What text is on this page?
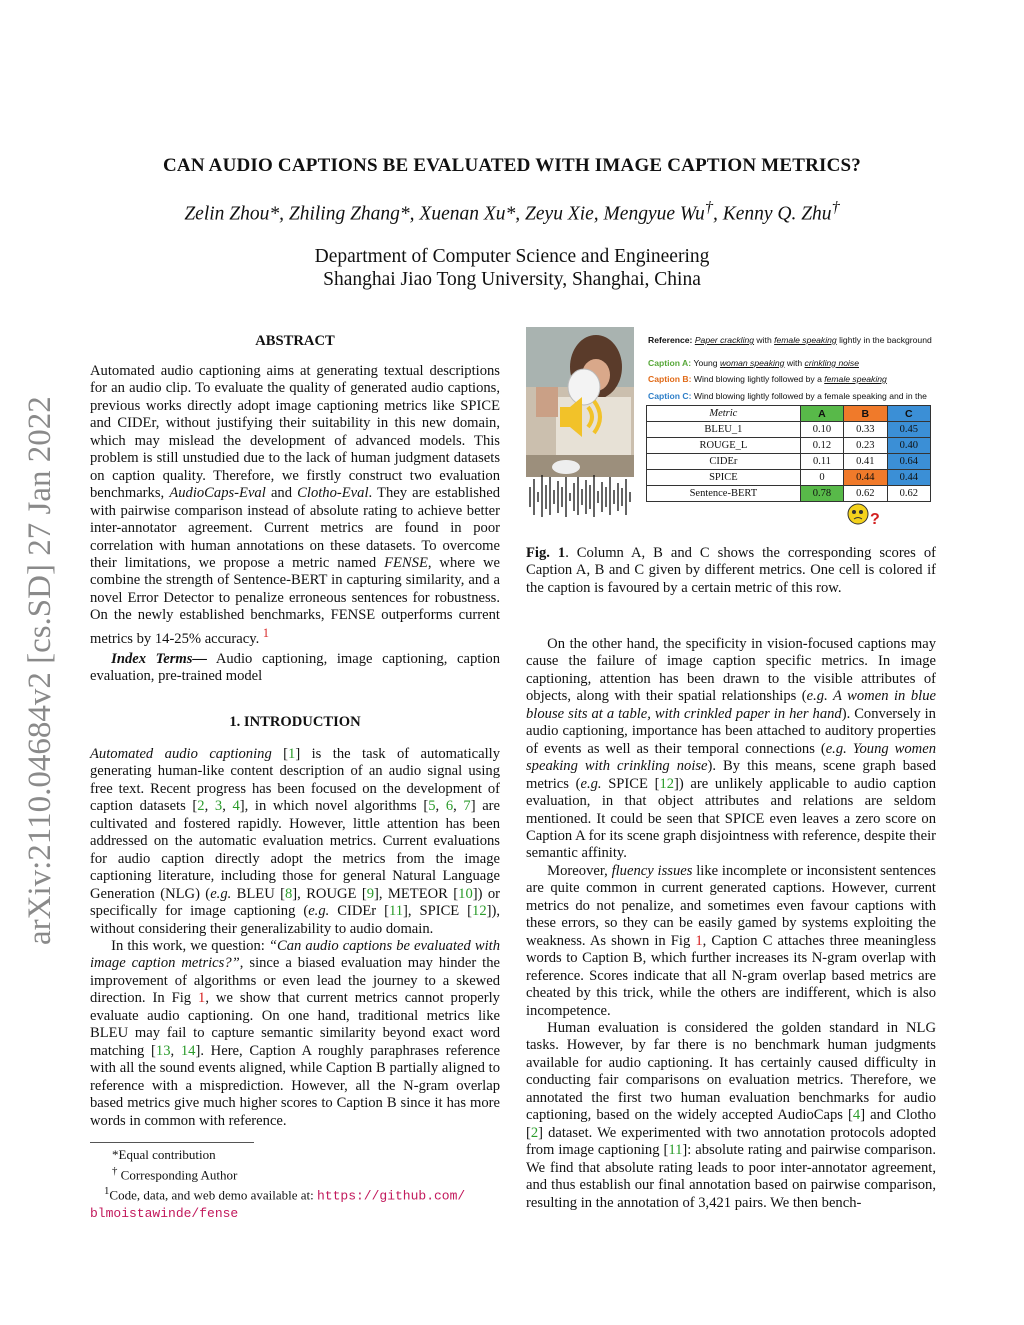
arXiv:2110.04684v2 [cs.SD] 27 Jan 2022
CAN AUDIO CAPTIONS BE EVALUATED WITH IMAGE CAPTION METRICS?
Zelin Zhou*, Zhiling Zhang*, Xuenan Xu*, Zeyu Xie, Mengyue Wu†, Kenny Q. Zhu†
Department of Computer Science and Engineering
Shanghai Jiao Tong University, Shanghai, China
ABSTRACT

Automated audio captioning aims at generating textual descriptions for an audio clip. To evaluate the quality of generated audio captions, previous works directly adopt image captioning metrics like SPICE and CIDEr, without justifying their suitability in this new domain, which may mislead the development of advanced models. This problem is still unstudied due to the lack of human judgment datasets on caption quality. Therefore, we firstly construct two evaluation benchmarks, AudioCaps-Eval and Clotho-Eval. They are established with pairwise comparison instead of absolute rating to achieve better inter-annotator agreement. Current metrics are found in poor correlation with human annotations on these datasets. To overcome their limitations, we propose a metric named FENSE, where we combine the strength of Sentence-BERT in capturing similarity, and a novel Error Detector to penalize erroneous sentences for robustness. On the newly established benchmarks, FENSE outperforms current metrics by 14-25% accuracy. $^1$

Index Terms— Audio captioning, image captioning, caption evaluation, pre-trained model

1. INTRODUCTION

Automated audio captioning [1] is the task of automatically generating human-like content description of an audio signal using free text. Recent progress has been focused on the development of caption datasets [2, 3, 4], in which novel algorithms [5, 6, 7] are cultivated and fostered rapidly. However, little attention has been addressed on the automatic evaluation metrics. Current evaluations for audio caption directly adopt the metrics from the image captioning literature, including those for general Natural Language Generation (NLG) (e.g. BLEU [8], ROUGE [9], METEOR [10]) or specifically for image captioning (e.g. CIDEr [11], SPICE [12]), without considering their generalizability to audio domain.

In this work, we question: “Can audio captions be evaluated with image caption metrics?”, since a biased evaluation may hinder the improvement of algorithms or even lead the journey to a skewed direction. In Fig 1, we show that current metrics cannot properly evaluate audio captioning. On one hand, traditional metrics like BLEU may fail to capture semantic similarity beyond exact word matching [13, 14]. Here, Caption A roughly paraphrases reference with all the sound events aligned, while Caption B partially aligned to reference with a misprediction. However, all the N-gram overlap based metrics give much higher scores to Caption B since it has more words in common with reference.

*Equal contribution
† Corresponding Author
$^1$Code, data, and web demo available at: https://github.com/
blmoistawinde/fense
Reference: Paper crackling with female speaking lightly in the background
Caption A: Young woman speaking with crinkling noise
Caption B: Wind blowing lightly followed by a female speaking
Caption C: Wind blowing lightly followed by a female speaking and in the
Metric	A	B	C
BLEU_1	0.10	0.33	0.45
ROUGE_L	0.12	0.23	0.40
CIDEr	0.11	0.41	0.64
SPICE	0	0.44	0.44
Sentence-BERT	0.78	0.62	0.62
?

Fig. 1. Column A, B and C shows the corresponding scores of Caption A, B and C given by different metrics. One cell is colored if the caption is favoured by a certain metric of this row.

On the other hand, the specificity in vision-focused captions may cause the failure of image caption specific metrics. In image captioning, attention has been drawn to the visible attributes of objects, along with their spatial relationships (e.g. A women in blue blouse sits at a table, with crinkled paper in her hand). Conversely in audio captioning, importance has been attached to auditory properties of events as well as their temporal connections (e.g. Young women speaking with crinkling noise). By this means, scene graph based metrics (e.g. SPICE [12]) are unlikely applicable to audio caption evaluation, in that object attributes and relations are seldom mentioned. It could be seen that SPICE even leaves a zero score on Caption A for its scene graph disjointness with reference, despite their semantic affinity.

Moreover, fluency issues like incomplete or inconsistent sentences are quite common in current generated captions. However, current metrics do not penalize, and sometimes even favour captions with these errors, so they can be easily gamed by systems exploiting the weakness. As shown in Fig 1, Caption C attaches three meaningless words to Caption B, which further increases its N-gram overlap with reference. Scores indicate that all N-gram overlap based metrics are cheated by this trick, while the others are indifferent, which is also incompetence.

Human evaluation is considered the golden standard in NLG tasks. However, by far there is no benchmark human judgments available for audio captioning. It has certainly caused difficulty in conducting fair comparisons on evaluation metrics. Therefore, we annotated the first two human evaluation benchmarks for audio captioning, based on the widely accepted AudioCaps [4] and Clotho [2] dataset. We experimented with two annotation protocols adopted from image captioning [11]: absolute rating and pairwise comparison. We find that absolute rating leads to poor inter-annotator agreement, and thus establish our final annotation based on pairwise comparison, resulting in the annotation of 3,421 pairs. We then bench-
